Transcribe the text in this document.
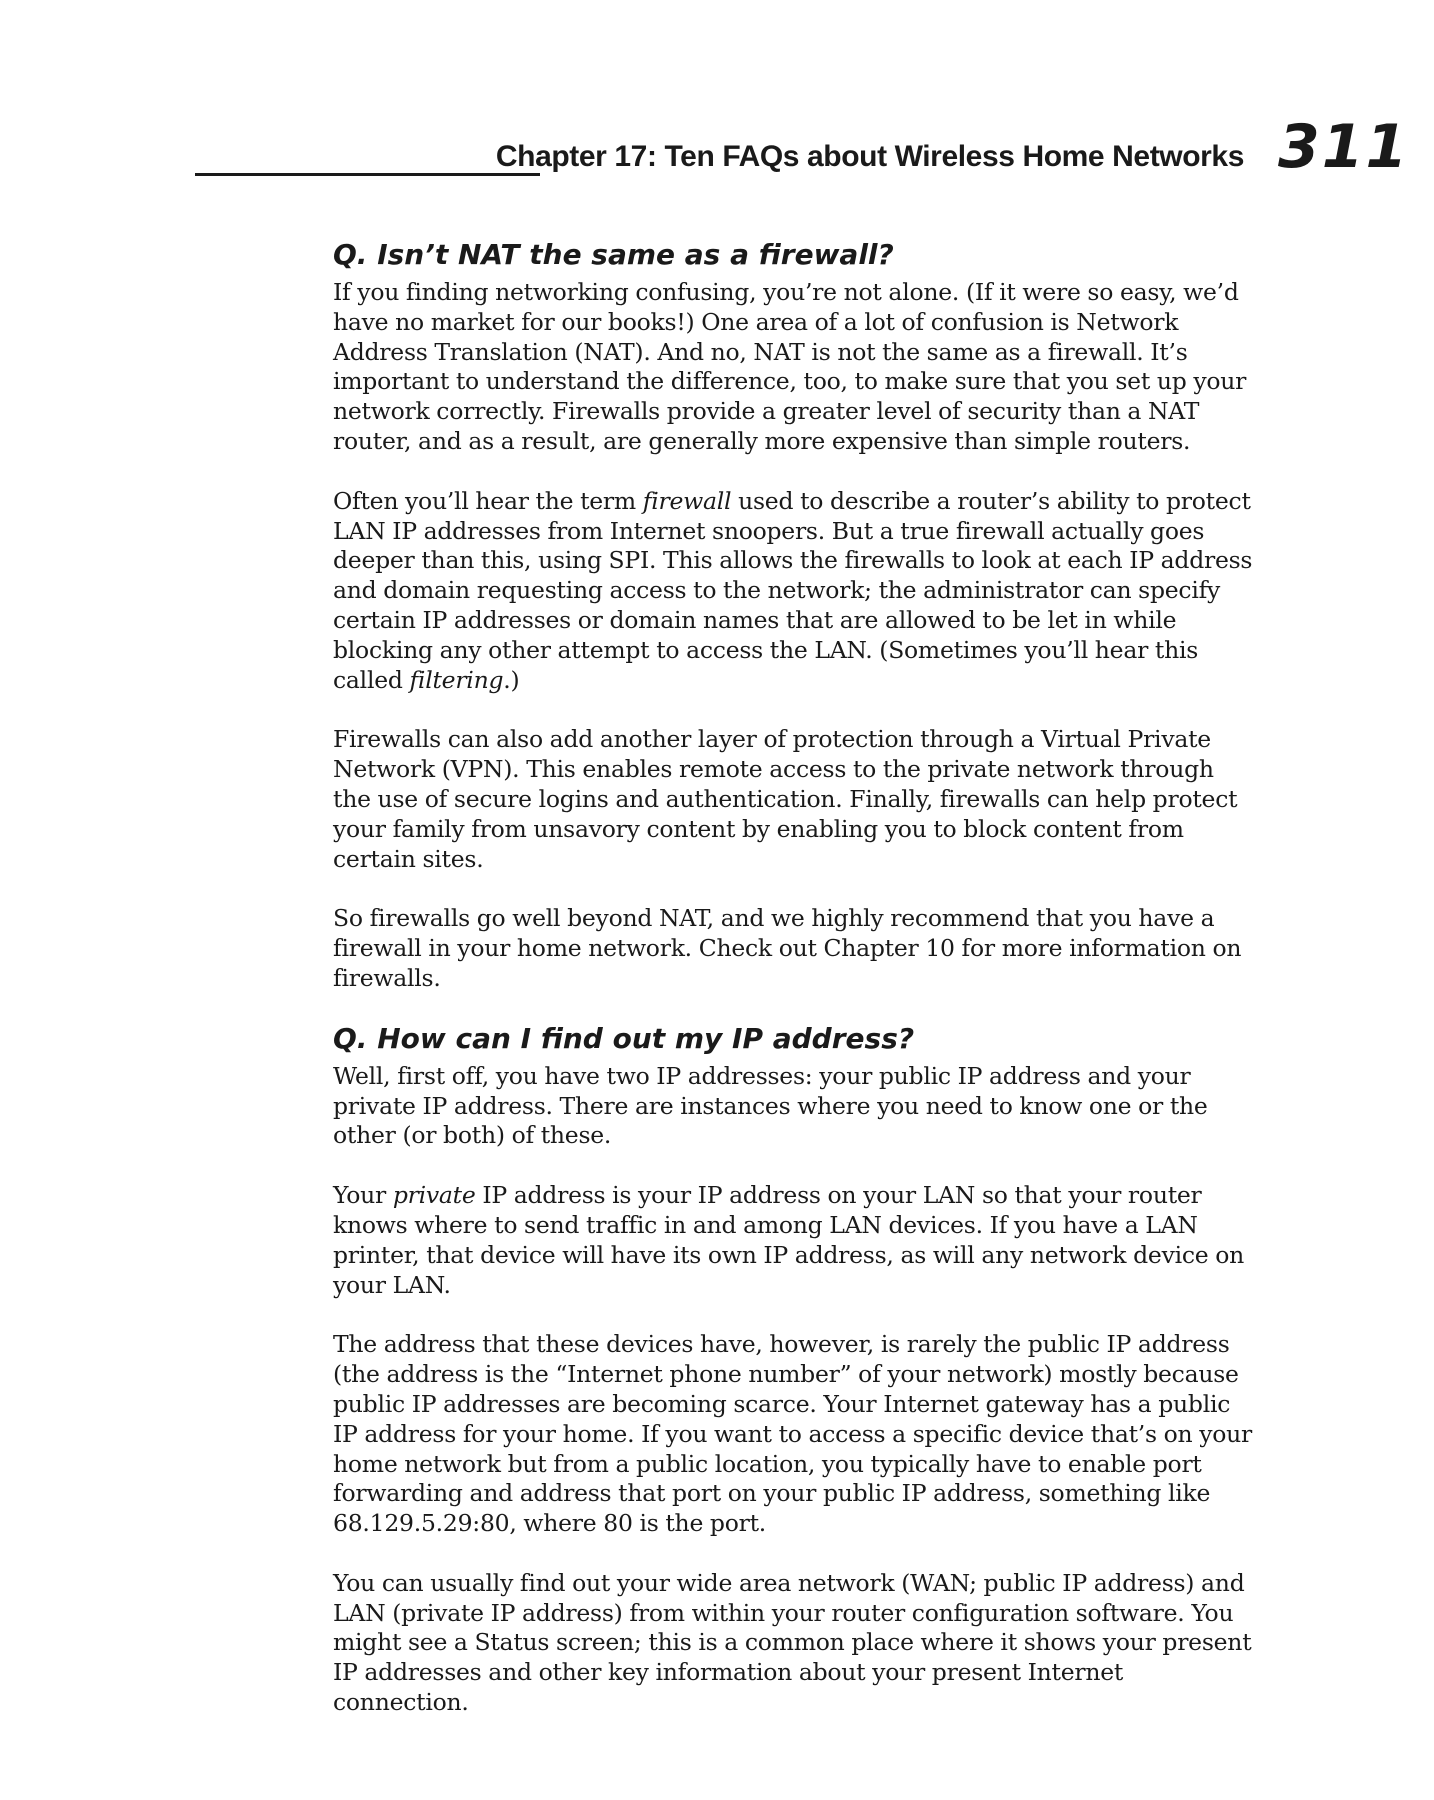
Chapter 17: Ten FAQs about Wireless Home Networks 311
Q. Isn’t NAT the same as a firewall?

If you finding networking confusing, you’re not alone. (If it were so easy, we’d have no market for our books!) One area of a lot of confusion is Network Address Translation (NAT). And no, NAT is not the same as a firewall. It’s important to understand the difference, too, to make sure that you set up your network correctly. Firewalls provide a greater level of security than a NAT router, and as a result, are generally more expensive than simple routers.

Often you’ll hear the term firewall used to describe a router’s ability to protect LAN IP addresses from Internet snoopers. But a true firewall actually goes deeper than this, using SPI. This allows the firewalls to look at each IP address and domain requesting access to the network; the administrator can specify certain IP addresses or domain names that are allowed to be let in while blocking any other attempt to access the LAN. (Sometimes you’ll hear this called filtering.)

Firewalls can also add another layer of protection through a Virtual Private Network (VPN). This enables remote access to the private network through the use of secure logins and authentication. Finally, firewalls can help protect your family from unsavory content by enabling you to block content from certain sites.

So firewalls go well beyond NAT, and we highly recommend that you have a firewall in your home network. Check out Chapter 10 for more information on firewalls.

Q. How can I find out my IP address?

Well, first off, you have two IP addresses: your public IP address and your private IP address. There are instances where you need to know one or the other (or both) of these.

Your private IP address is your IP address on your LAN so that your router knows where to send traffic in and among LAN devices. If you have a LAN printer, that device will have its own IP address, as will any network device on your LAN.

The address that these devices have, however, is rarely the public IP address (the address is the “Internet phone number” of your network) mostly because public IP addresses are becoming scarce. Your Internet gateway has a public IP address for your home. If you want to access a specific device that’s on your home network but from a public location, you typically have to enable port forwarding and address that port on your public IP address, something like 68.129.5.29:80, where 80 is the port.

You can usually find out your wide area network (WAN; public IP address) and LAN (private IP address) from within your router configuration software. You might see a Status screen; this is a common place where it shows your present IP addresses and other key information about your present Internet connection.
